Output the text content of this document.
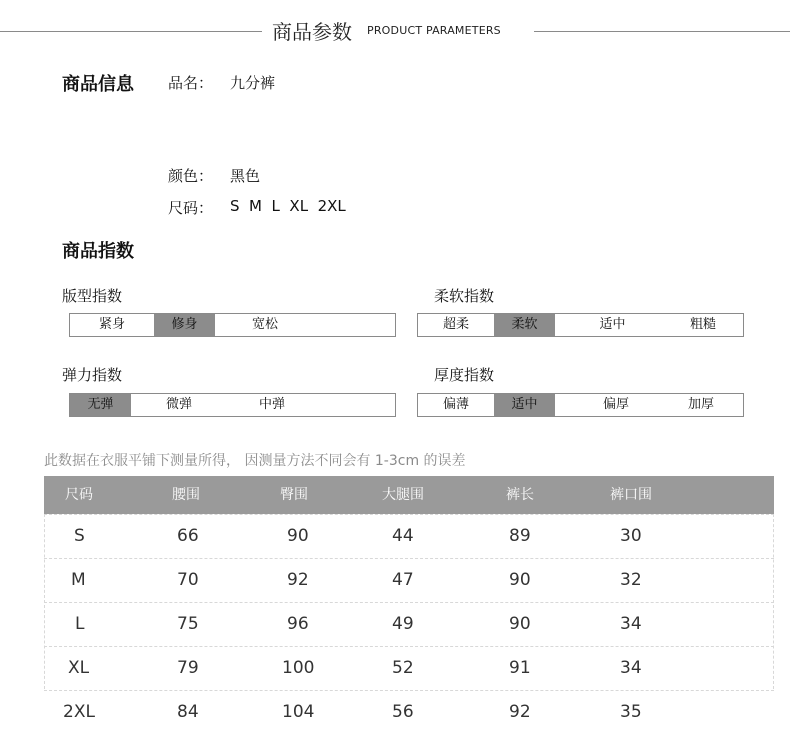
商品参数 PRODUCT PARAMETERS
商品信息 品名： 九分裤
颜色： 黑色
尺码： S  M  L  XL  2XL
商品指数
版型指数
紧身	修身	宽松
柔软指数
超柔	柔软	适中	粗糙
弹力指数
无弹	微弹	中弹
厚度指数
偏薄	适中	偏厚	加厚
此数据在衣服平铺下测量所得， 因测量方法不同会有 1-3cm 的误差
尺码	腰围	臀围	大腿围	裤长	裤口围
S	66	90	44	89	30
M	70	92	47	90	32
L	75	96	49	90	34
XL	79	100	52	91	34
2XL	84	104	56	92	35
